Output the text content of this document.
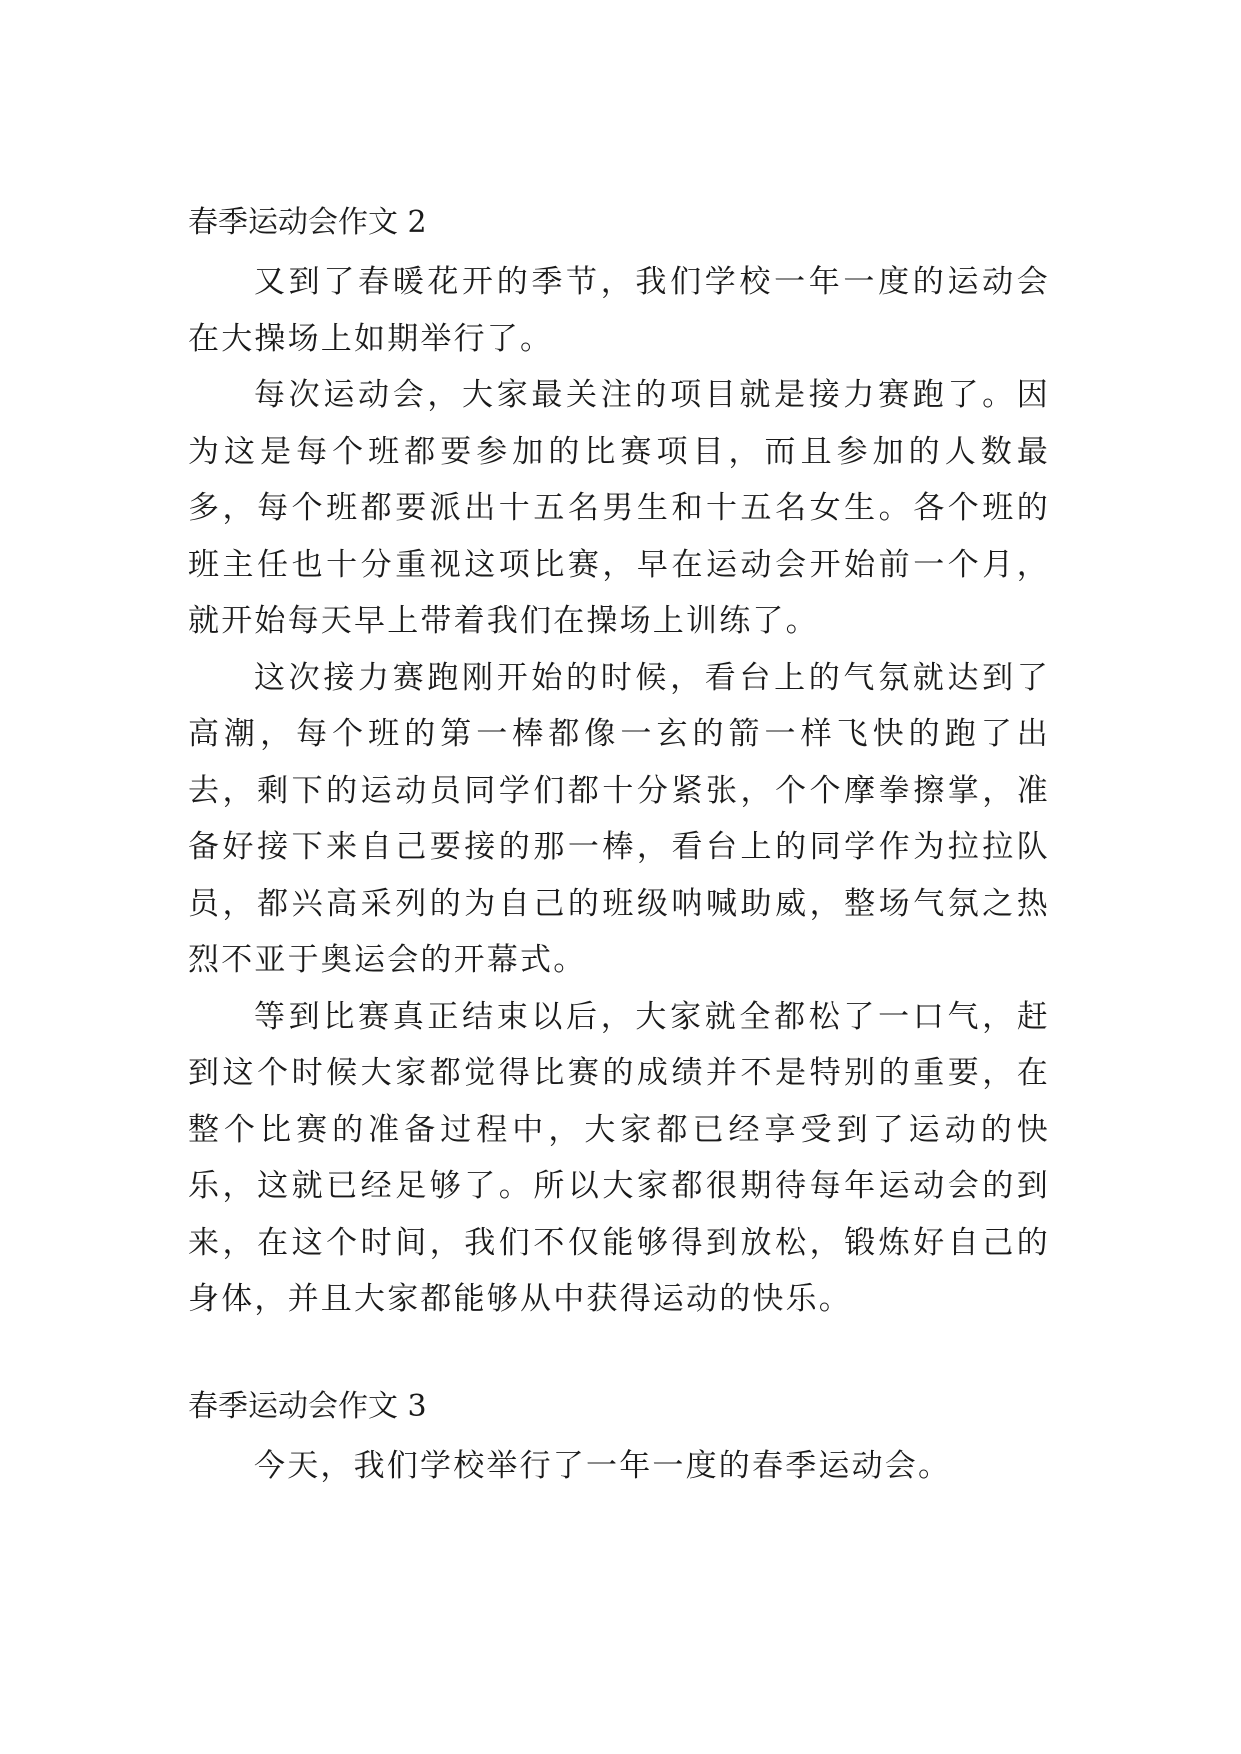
春季运动会作文 2

又到了春暖花开的季节，我们学校一年一度的运动会在大操场上如期举行了。

每次运动会，大家最关注的项目就是接力赛跑了。因为这是每个班都要参加的比赛项目，而且参加的人数最多，每个班都要派出十五名男生和十五名女生。各个班的班主任也十分重视这项比赛，早在运动会开始前一个月，就开始每天早上带着我们在操场上训练了。

这次接力赛跑刚开始的时候，看台上的气氛就达到了高潮，每个班的第一棒都像一玄的箭一样飞快的跑了出去，剩下的运动员同学们都十分紧张，个个摩拳擦掌，准备好接下来自己要接的那一棒，看台上的同学作为拉拉队员，都兴高采列的为自己的班级呐喊助威，整场气氛之热烈不亚于奥运会的开幕式。

等到比赛真正结束以后，大家就全都松了一口气，赶到这个时候大家都觉得比赛的成绩并不是特别的重要，在整个比赛的准备过程中，大家都已经享受到了运动的快乐，这就已经足够了。所以大家都很期待每年运动会的到来，在这个时间，我们不仅能够得到放松，锻炼好自己的身体，并且大家都能够从中获得运动的快乐。

春季运动会作文 3

今天，我们学校举行了一年一度的春季运动会。
